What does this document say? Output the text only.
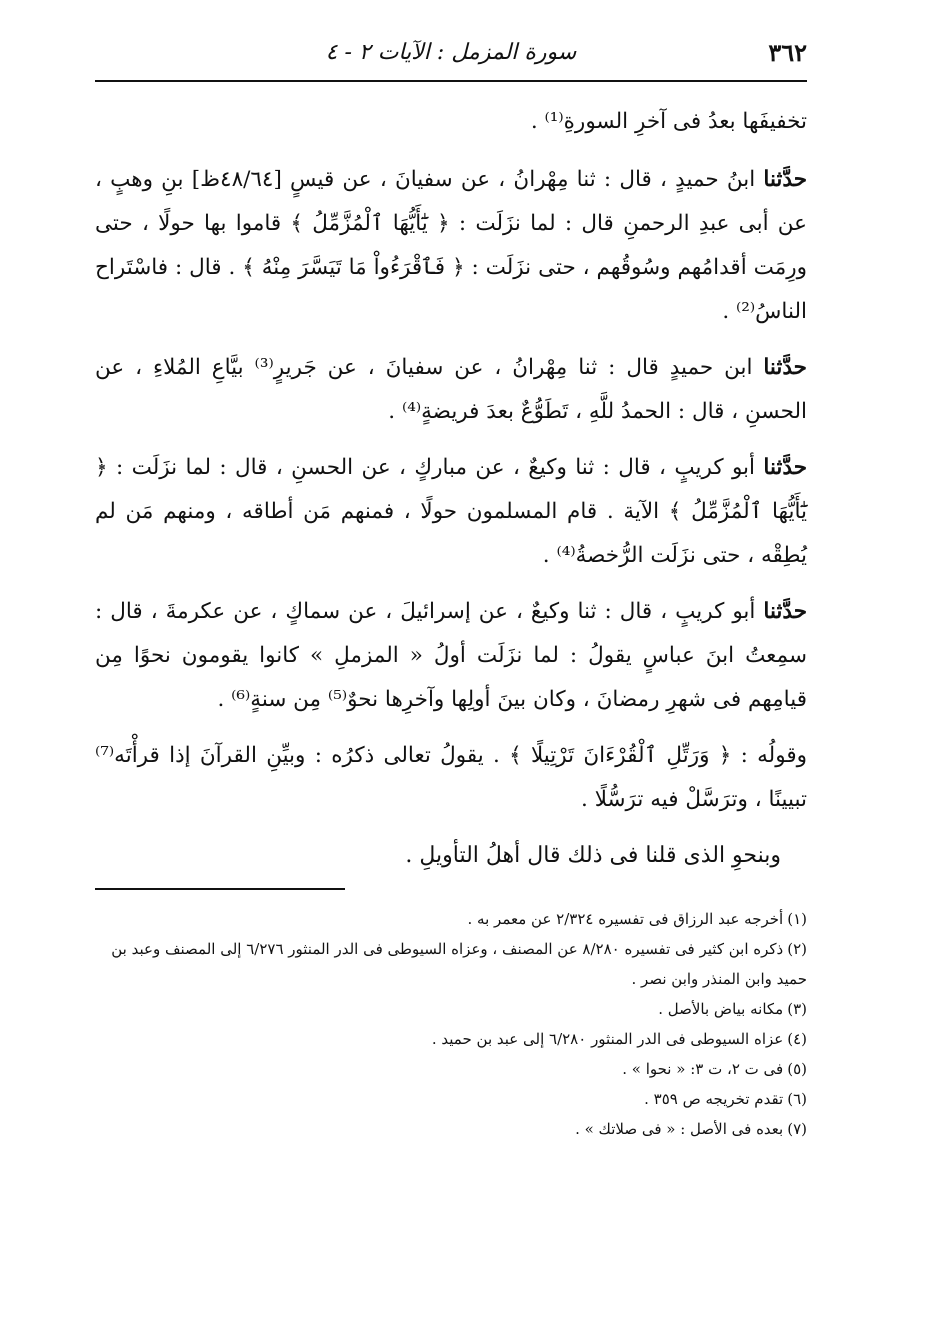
٣٦٢
سورة المزمل : الآيات ٢ - ٤

تخفيفَها بعدُ فى آخرِ السورةِ⁽¹⁾ .

حدَّثنا ابنُ حميدٍ ، قال : ثنا مِهْرانُ ، عن سفيانَ ، عن قيسٍ [٤٨/٦٤ظ] بنِ وهبٍ ، عن أبى عبدِ الرحمنِ قال : لما نزَلَت : ﴿ يَٰٓأَيُّهَا ٱلْمُزَّمِّلُ ﴾ قاموا بها حولًا ، حتى ورِمَت أقدامُهم وسُوقُهم ، حتى نزَلَت : ﴿ فَٱقْرَءُواْ مَا تَيَسَّرَ مِنْهُ ﴾ . قال : فاسْتَراح الناسُ⁽²⁾ .

حدَّثنا ابن حميدٍ قال : ثنا مِهْرانُ ، عن سفيانَ ، عن جَريرٍ⁽³⁾ بيَّاعِ المُلاءِ ، عن الحسنِ ، قال : الحمدُ للَّهِ ، تَطَوُّعٌ بعدَ فريضةٍ⁽⁴⁾ .

حدَّثنا أبو كريبٍ ، قال : ثنا وكيعٌ ، عن مباركٍ ، عن الحسنِ ، قال : لما نزَلَت : ﴿ يَٰٓأَيُّهَا ٱلْمُزَّمِّلُ ﴾ الآية . قام المسلمون حولًا ، فمنهم مَن أطاقه ، ومنهم مَن لم يُطِقْه ، حتى نزَلَت الرُّخصةُ⁽⁴⁾ .

حدَّثنا أبو كريبٍ ، قال : ثنا وكيعٌ ، عن إسرائيلَ ، عن سماكٍ ، عن عكرمةَ ، قال : سمِعتُ ابنَ عباسٍ يقولُ : لما نزَلَت أولُ « المزملِ » كانوا يقومون نحوًا مِن قيامِهم فى شهرِ رمضانَ ، وكان بينَ أولِها وآخرِها نحوٌ⁽⁵⁾ مِن سنةٍ⁽⁶⁾ .

وقولُه : ﴿ وَرَتِّلِ ٱلْقُرْءَانَ تَرْتِيلًا ﴾ . يقولُ تعالى ذكرُه : وبيِّنِ القرآنَ إذا قرأْتَه⁽⁷⁾ تبيينًا ، وترَسَّلْ فيه ترَسُّلًا .

وبنحوِ الذى قلنا فى ذلك قال أهلُ التأويلِ .

(١)أخرجه عبد الرزاق فى تفسيره ٢/٣٢٤ عن معمر به .

(٢)ذكره ابن كثير فى تفسيره ٨/٢٨٠ عن المصنف ، وعزاه السيوطى فى الدر المنثور ٦/٢٧٦ إلى المصنف وعبد بن حميد وابن المنذر وابن نصر .

(٣)مكانه بياض بالأصل .

(٤)عزاه السيوطى فى الدر المنثور ٦/٢٨٠ إلى عبد بن حميد .

(٥)فى ت ٢، ت ٣: « نحوا » .

(٦)تقدم تخريجه ص ٣٥٩ .

(٧)بعده فى الأصل : « فى صلاتك » .
